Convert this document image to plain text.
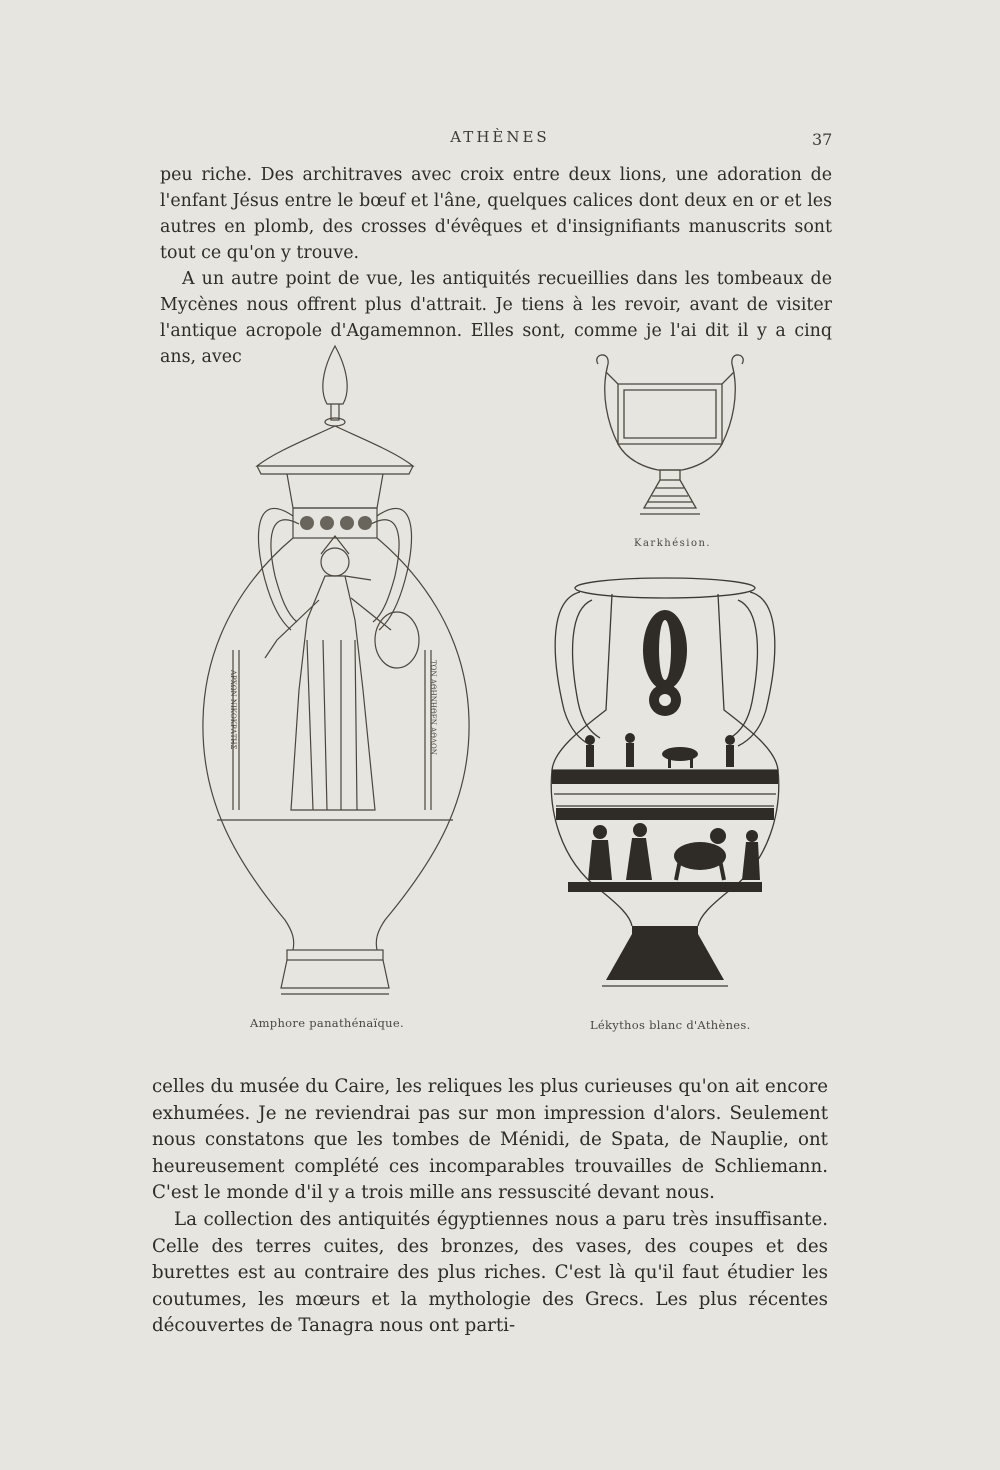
ATHÈNES	37

peu riche. Des architraves avec croix entre deux lions, une adoration de l'enfant Jésus entre le bœuf et l'âne, quelques calices dont deux en or et les autres en plomb, des crosses d'évêques et d'insignifiants manuscrits sont tout ce qu'on y trouve.

A un autre point de vue, les antiquités recueillies dans les tombeaux de Mycènes nous offrent plus d'attrait. Je tiens à les revoir, avant de visiter l'antique acropole d'Agamemnon. Elles sont, comme je l'ai dit il y a cinq ans, avec

ΑΡΧΩΝ ΝΙΚΟΚΡΑΤΗΣ	ΤΩΝ ΑΘΗΝΗΘΕΝ ΑΘΛΩΝ
Amphore panathénaïque.
Karkhésion.
Lékythos blanc d'Athènes.

celles du musée du Caire, les reliques les plus curieuses qu'on ait encore exhumées. Je ne reviendrai pas sur mon impression d'alors. Seulement nous constatons que les tombes de Ménidi, de Spata, de Nauplie, ont heureusement complété ces incomparables trouvailles de Schliemann. C'est le monde d'il y a trois mille ans ressuscité devant nous.

La collection des antiquités égyptiennes nous a paru très insuffisante. Celle des terres cuites, des bronzes, des vases, des coupes et des burettes est au contraire des plus riches. C'est là qu'il faut étudier les coutumes, les mœurs et la mythologie des Grecs. Les plus récentes découvertes de Tanagra nous ont parti-
